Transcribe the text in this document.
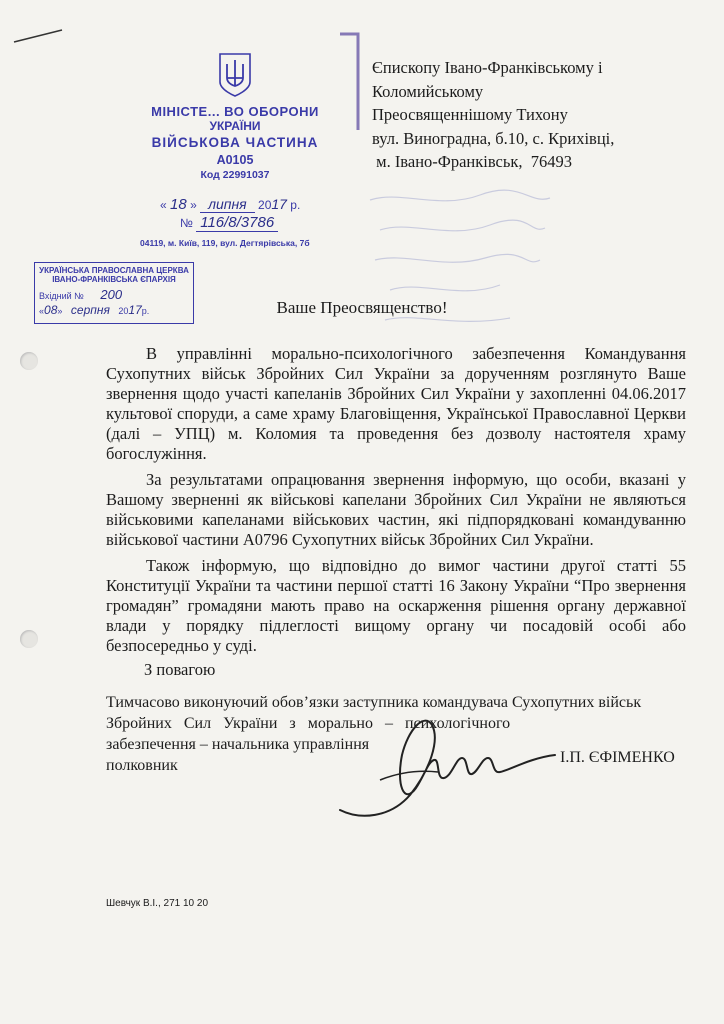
МІНІСТЕ... ВО ОБОРОНИ
УКРАЇНИ
ВІЙСЬКОВА ЧАСТИНА
А0105
Код 22991037
« 18 » липня 2017 р.
№ 116/8/3786
04119, м. Київ, 119, вул. Дегтярівська, 7б
УКРАЇНСЬКА ПРАВОСЛАВНА ЦЕРКВА
ІВАНО-ФРАНКІВСЬКА ЄПАРХІЯ
Вхідний № 200
«08» серпня 2017р.
Єпископу Івано-Франківському і
Коломийському
Преосвященнішому Тихону
вул. Виноградна, б.10, с. Крихівці,
м. Івано-Франківськ,  76493
Ваше Преосвященство!

В управлінні морально-психологічного забезпечення Командування Сухопутних військ Збройних Сил України за дорученням розглянуто Ваше звернення щодо участі капеланів Збройних Сил України у захопленні 04.06.2017 культової споруди, а саме храму Благовіщення, Української Православної Церкви (далі – УПЦ) м. Коломия та проведення без дозволу настоятеля храму богослужіння.

За результатами опрацювання звернення інформую, що особи, вказані у Вашому зверненні як військові капелани Збройних Сил України не являються військовими капеланами військових частин, які підпорядковані командуванню військової частини А0796 Сухопутних військ Збройних Сил України.

Також інформую, що відповідно до вимог частини другої статті 55 Конституції України та частини першої статті 16 Закону України “Про звернення громадян” громадяни мають право на оскарження рішення органу державної влади у порядку підлеглості вищому органу чи посадовій особі або безпосередньо у суді.

З повагою
Тимчасово виконуючий обов’язки заступника командувача Сухопутних військ
Збройних   Сил   України   з   морально   –   психологічного
забезпечення – начальника управління
полковник	І.П. ЄФІМЕНКО
Шевчук В.І., 271 10 20
